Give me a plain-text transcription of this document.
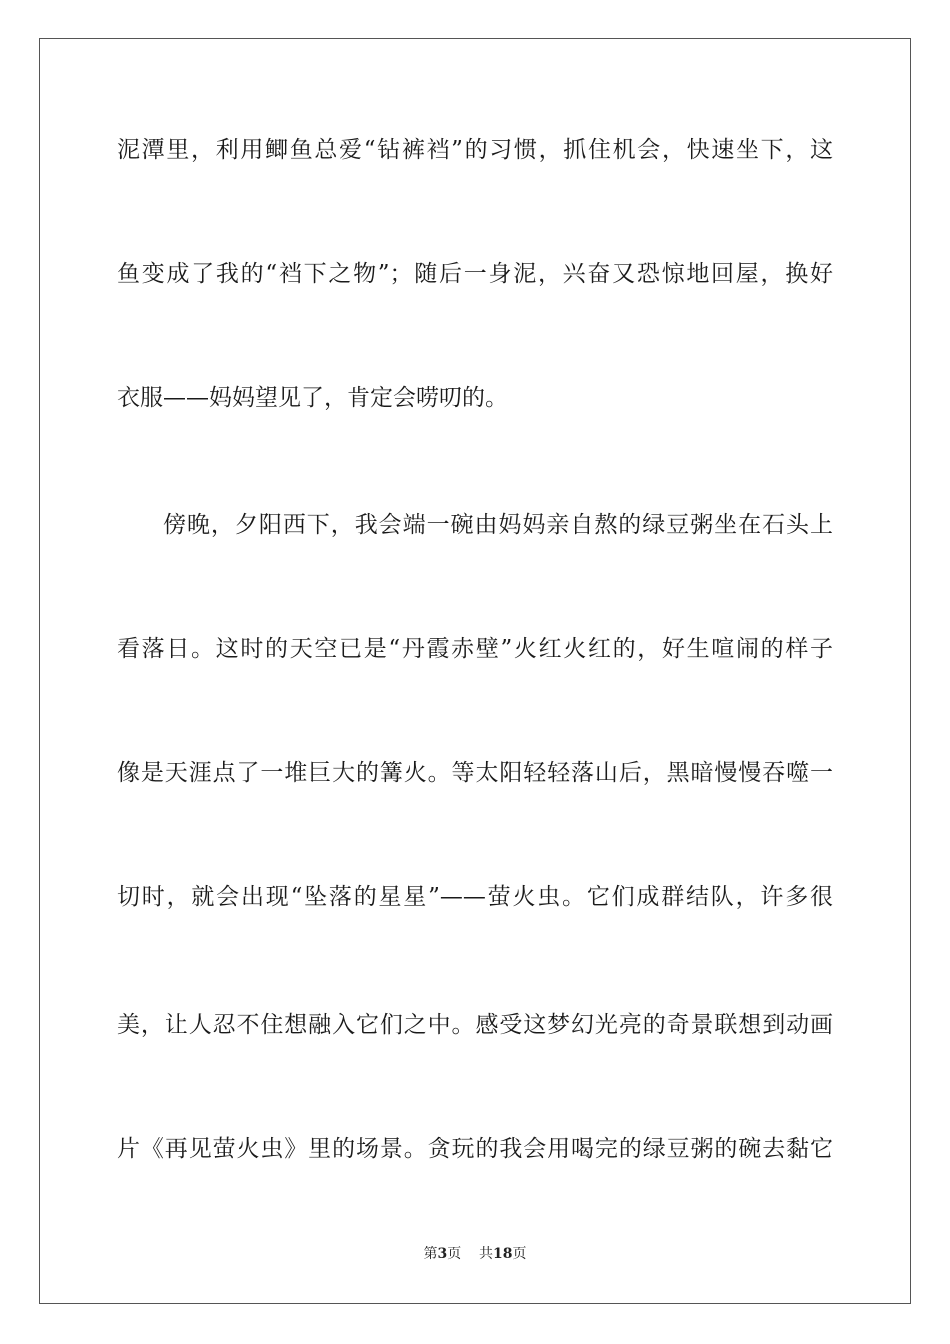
泥潭里，利用鲫鱼总爱“钻裤裆”的习惯，抓住机会，快速坐下，这
鱼变成了我的“裆下之物”；随后一身泥，兴奋又恐惊地回屋，换好
衣服——妈妈望见了，肯定会唠叨的。
傍晚，夕阳西下，我会端一碗由妈妈亲自熬的绿豆粥坐在石头上
看落日。这时的天空已是“丹霞赤壁”火红火红的，好生喧闹的样子
像是天涯点了一堆巨大的篝火。等太阳轻轻落山后，黑暗慢慢吞噬一
切时，就会出现“坠落的星星”——萤火虫。它们成群结队，许多很
美，让人忍不住想融入它们之中。感受这梦幻光亮的奇景联想到动画
片《再见萤火虫》里的场景。贪玩的我会用喝完的绿豆粥的碗去黏它
第3页 共18页
